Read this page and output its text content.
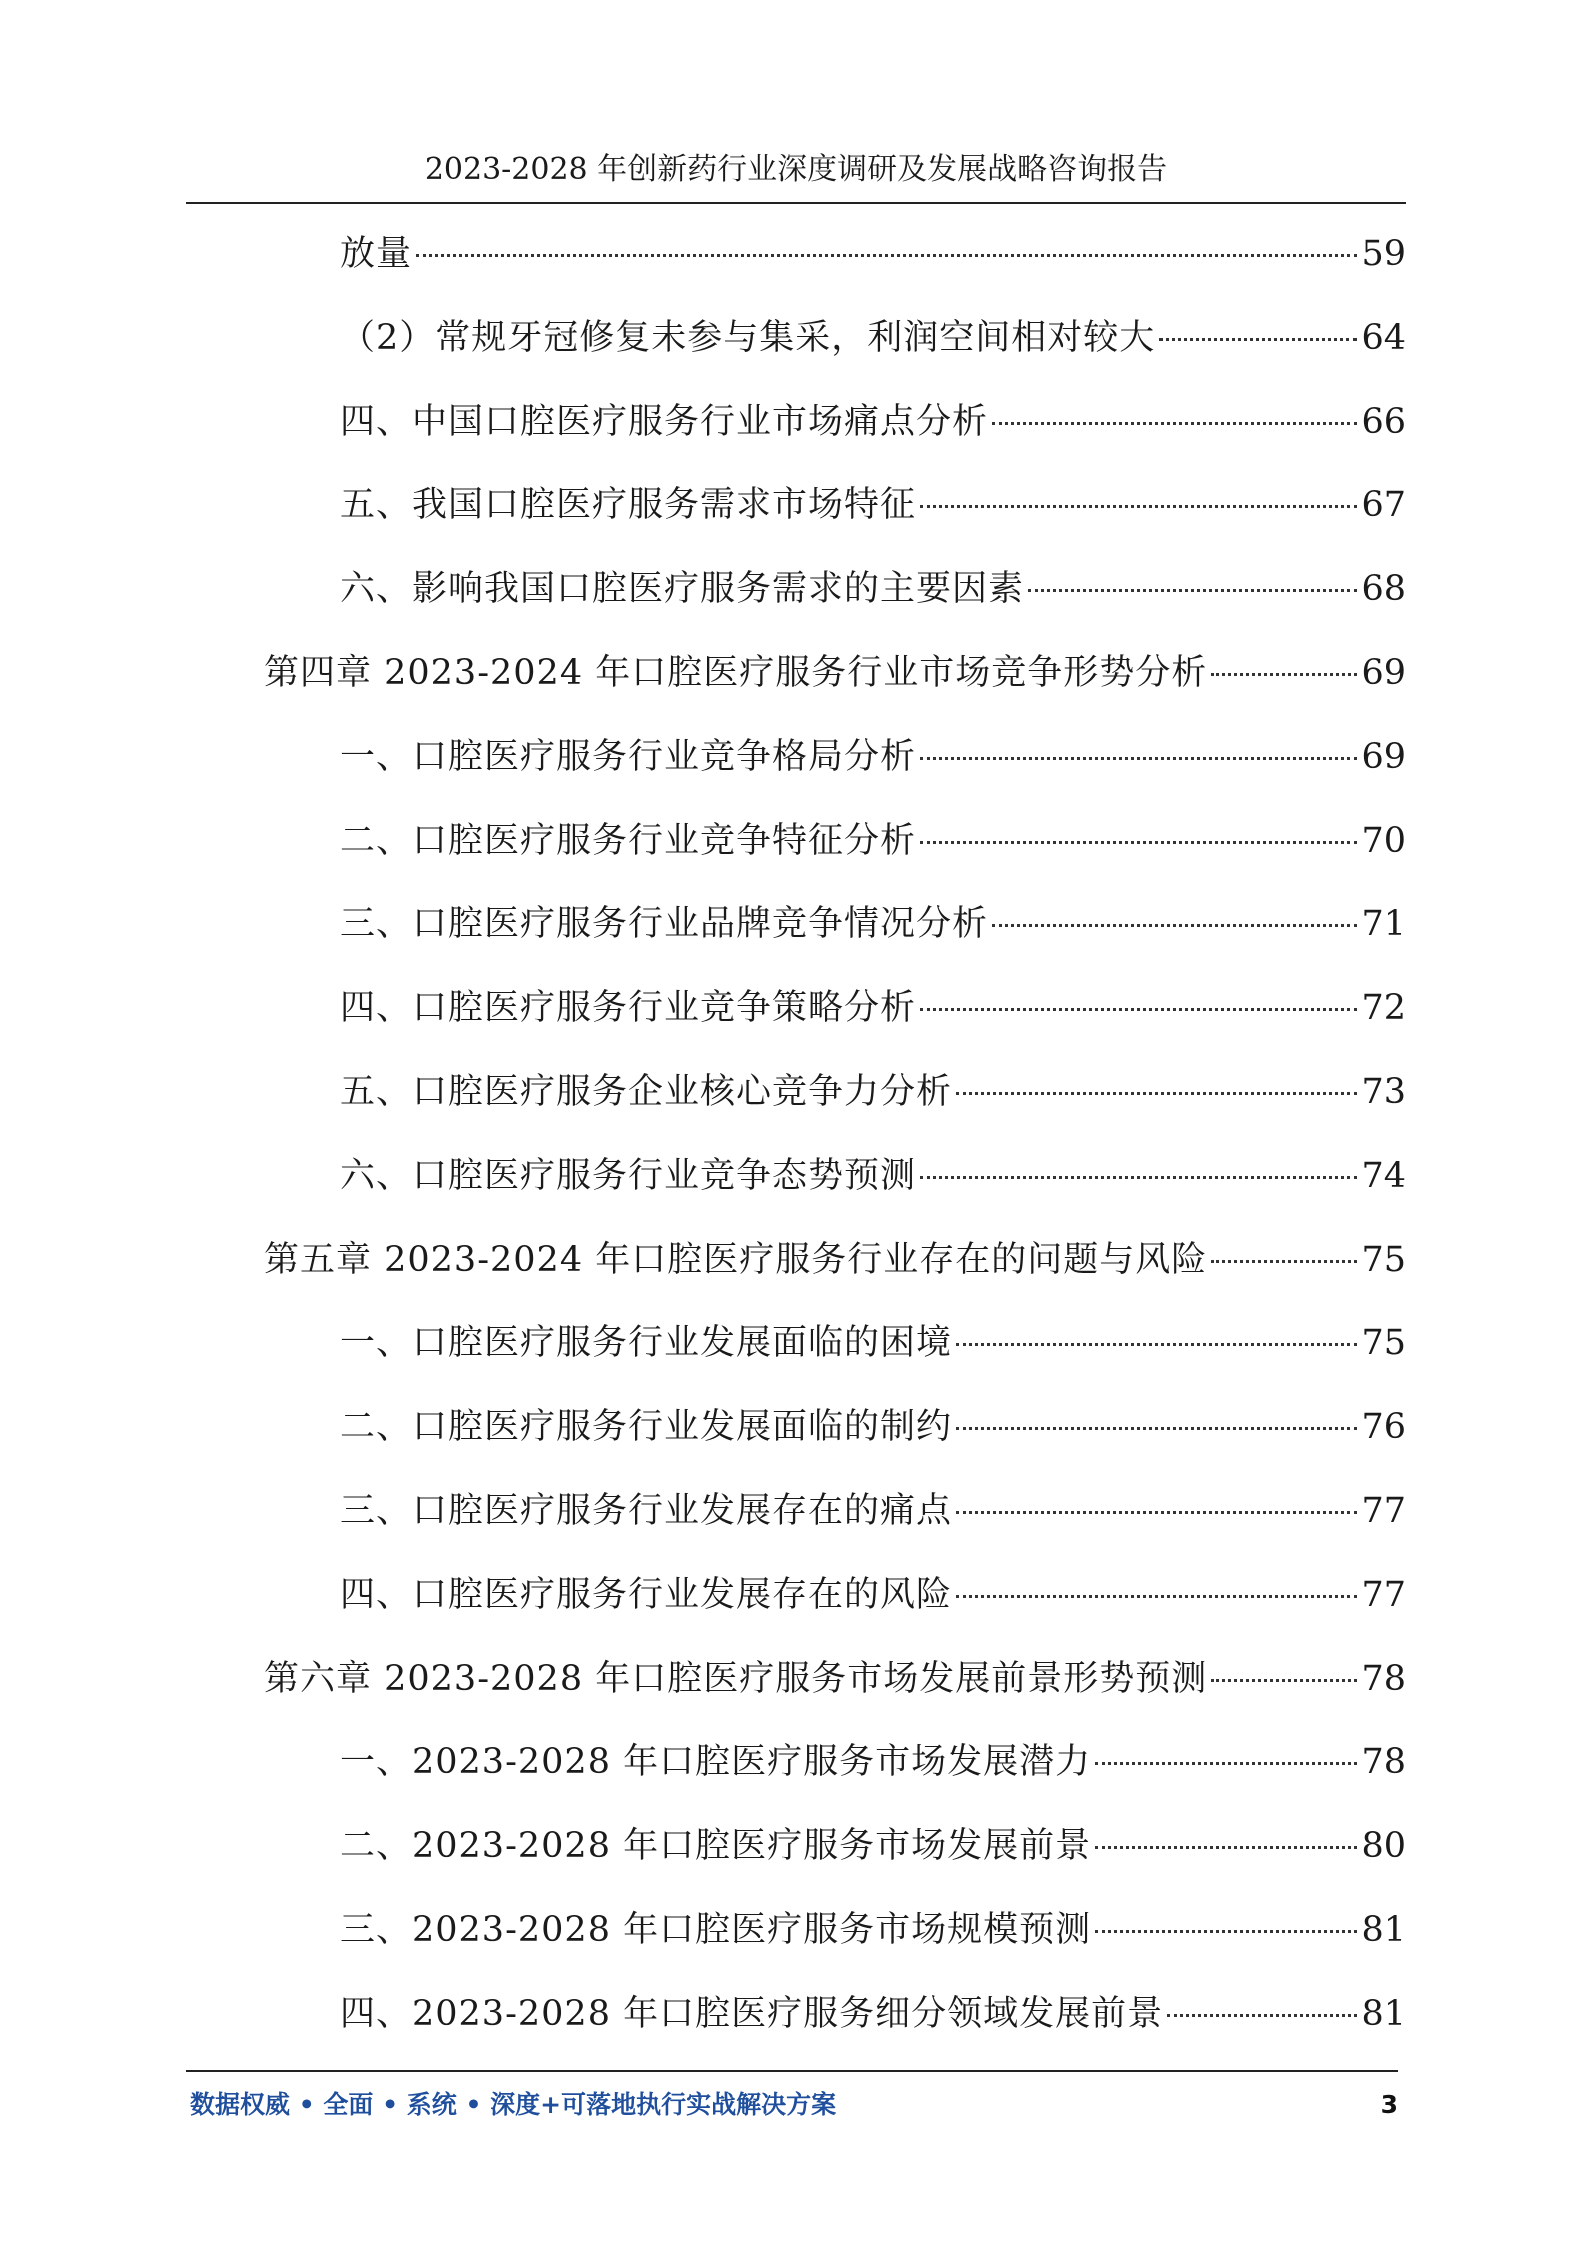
2023-2028 年创新药行业深度调研及发展战略咨询报告
放量	59
（2）常规牙冠修复未参与集采，利润空间相对较大	64
四、中国口腔医疗服务行业市场痛点分析	66
五、我国口腔医疗服务需求市场特征	67
六、影响我国口腔医疗服务需求的主要因素	68
第四章 2023-2024 年口腔医疗服务行业市场竞争形势分析	69
一、口腔医疗服务行业竞争格局分析	69
二、口腔医疗服务行业竞争特征分析	70
三、口腔医疗服务行业品牌竞争情况分析	71
四、口腔医疗服务行业竞争策略分析	72
五、口腔医疗服务企业核心竞争力分析	73
六、口腔医疗服务行业竞争态势预测	74
第五章 2023-2024 年口腔医疗服务行业存在的问题与风险	75
一、口腔医疗服务行业发展面临的困境	75
二、口腔医疗服务行业发展面临的制约	76
三、口腔医疗服务行业发展存在的痛点	77
四、口腔医疗服务行业发展存在的风险	77
第六章 2023-2028 年口腔医疗服务市场发展前景形势预测	78
一、2023-2028 年口腔医疗服务市场发展潜力	78
二、2023-2028 年口腔医疗服务市场发展前景	80
三、2023-2028 年口腔医疗服务市场规模预测	81
四、2023-2028 年口腔医疗服务细分领域发展前景	81
数据权威 • 全面 • 系统 • 深度+可落地执行实战解决方案	3
